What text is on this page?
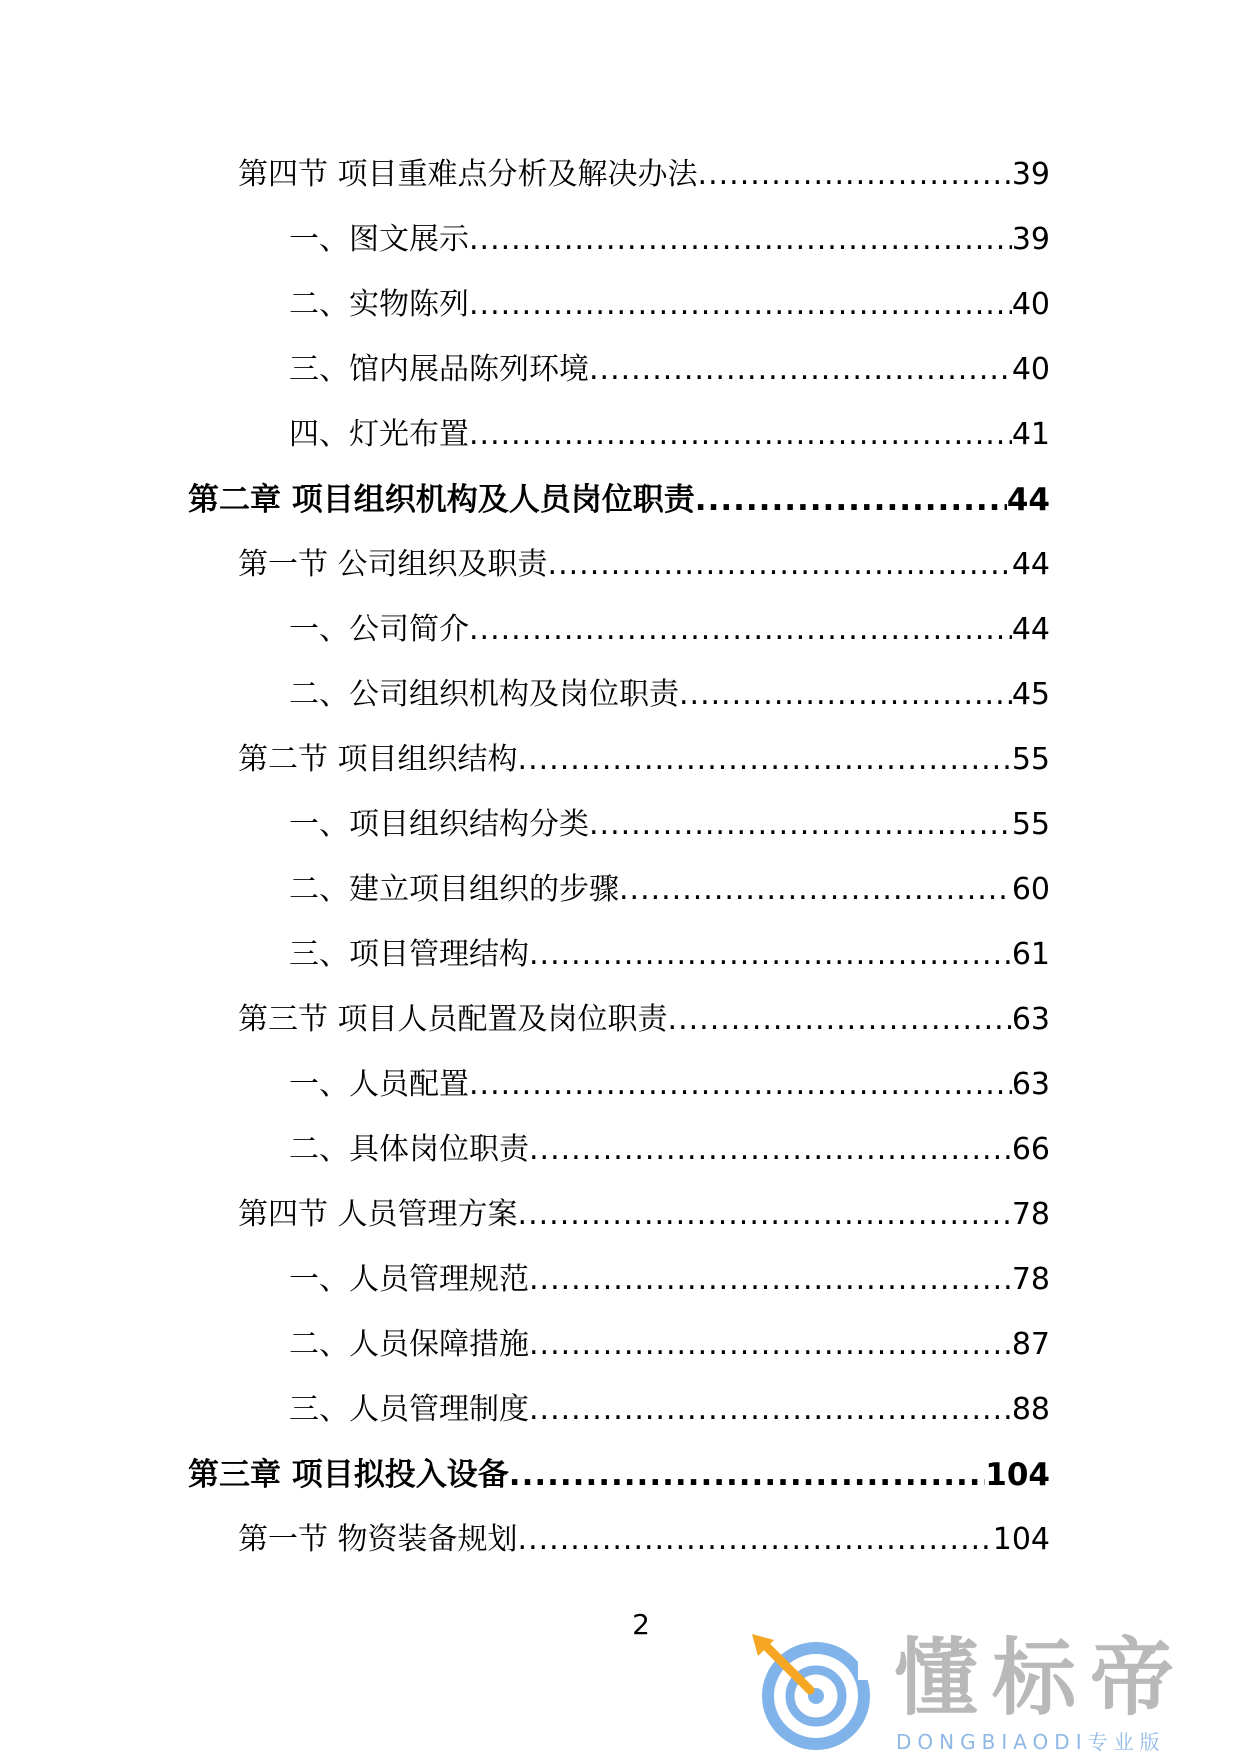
第四节 项目重难点分析及解决办法 .....	39
一、图文展示 .....	39
二、实物陈列 .....	40
三、馆内展品陈列环境 .....	40
四、灯光布置 .....	41
第二章 项目组织机构及人员岗位职责 .....	44
第一节 公司组织及职责 .....	44
一、公司简介 .....	44
二、公司组织机构及岗位职责 .....	45
第二节 项目组织结构 .....	55
一、项目组织结构分类 .....	55
二、建立项目组织的步骤 .....	60
三、项目管理结构 .....	61
第三节 项目人员配置及岗位职责 .....	63
一、人员配置 .....	63
二、具体岗位职责 .....	66
第四节 人员管理方案 .....	78
一、人员管理规范 .....	78
二、人员保障措施 .....	87
三、人员管理制度 .....	88
第三章 项目拟投入设备 .....	104
第一节 物资装备规划 .....	104
2
懂标帝
DONGBIAODI专业版
